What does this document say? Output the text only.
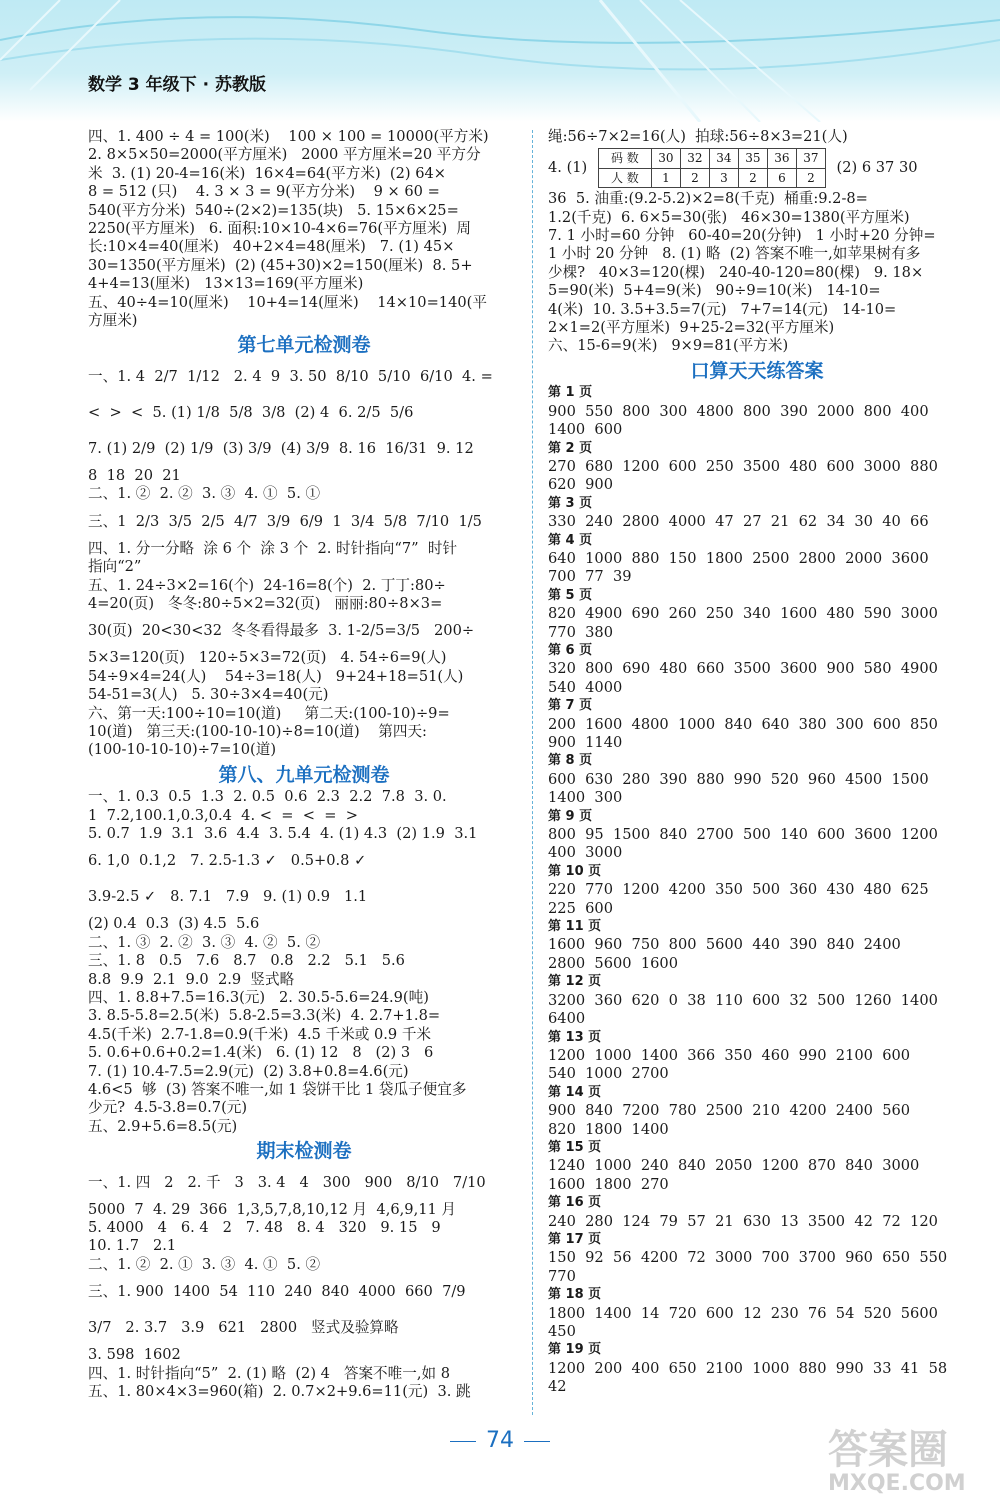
数学 3 年级下 · 苏教版
四、1. 400 ÷ 4 = 100(米)    100 × 100 = 10000(平方米)
2. 8×5×50=2000(平方厘米)   2000 平方厘米=20 平方分
米  3. (1) 20-4=16(米)  16×4=64(平方米)  (2) 64×
8 = 512 (只)    4. 3 × 3 = 9(平方分米)    9 × 60 =
540(平方分米)  540÷(2×2)=135(块)   5. 15×6×25=
2250(平方厘米)   6. 面积:10×10-4×6=76(平方厘米)  周
长:10×4=40(厘米)   40+2×4=48(厘米)   7. (1) 45×
30=1350(平方厘米)  (2) (45+30)×2=150(厘米)  8. 5+
4+4=13(厘米)   13×13=169(平方厘米)
五、40÷4=10(厘米)    10+4=14(厘米)    14×10=140(平
方厘米)
第七单元检测卷
一、1. 4  2/7  1/12   2. 4  9  3. 50  8/10  5/10  6/10  4. =
<  >  <  5. (1) 1/8  5/8  3/8  (2) 4  6. 2/5  5/6
7. (1) 2/9  (2) 1/9  (3) 3/9  (4) 3/9  8. 16  16/31  9. 12
8  18  20  21
二、1. ②  2. ②  3. ③  4. ①  5. ①
三、1  2/3  3/5  2/5  4/7  3/9  6/9  1  3/4  5/8  7/10  1/5
四、1. 分一分略  涂 6 个  涂 3 个  2. 时针指向“7”  时针
指向“2”
五、1. 24÷3×2=16(个)  24-16=8(个)  2. 丁丁:80÷
4=20(页)   冬冬:80÷5×2=32(页)   丽丽:80÷8×3=
30(页)  20<30<32  冬冬看得最多  3. 1-2/5=3/5   200÷
5×3=120(页)   120÷5×3=72(页)   4. 54÷6=9(人)
54÷9×4=24(人)    54÷3=18(人)   9+24+18=51(人)
54-51=3(人)   5. 30÷3×4=40(元)
六、第一天:100÷10=10(道)     第二天:(100-10)÷9=
10(道)   第三天:(100-10-10)÷8=10(道)    第四天:
(100-10-10-10)÷7=10(道)
第八、九单元检测卷
一、1. 0.3  0.5  1.3  2. 0.5  0.6  2.3  2.2  7.8  3. 0.
1  7.2,100.1,0.3,0.4  4. <  =  <  =  >
5. 0.7  1.9  3.1  3.6  4.4  3. 5.4  4. (1) 4.3  (2) 1.9  3.1
6. 1,0  0.1,2   7. 2.5-1.3 ✓   0.5+0.8 ✓
3.9-2.5 ✓   8. 7.1   7.9   9. (1) 0.9   1.1
(2) 0.4  0.3  (3) 4.5  5.6
二、1. ③  2. ②  3. ③  4. ②  5. ②
三、1. 8   0.5   7.6   8.7   0.8   2.2   5.1   5.6
8.8  9.9  2.1  9.0  2.9  竖式略
四、1. 8.8+7.5=16.3(元)   2. 30.5-5.6=24.9(吨)
3. 8.5-5.8=2.5(米)  5.8-2.5=3.3(米)  4. 2.7+1.8=
4.5(千米)  2.7-1.8=0.9(千米)  4.5 千米或 0.9 千米
5. 0.6+0.6+0.2=1.4(米)   6. (1) 12   8   (2) 3   6
7. (1) 10.4-7.5=2.9(元)  (2) 3.8+0.8=4.6(元)
4.6<5  够  (3) 答案不唯一,如 1 袋饼干比 1 袋瓜子便宜多
少元?  4.5-3.8=0.7(元)
五、2.9+5.6=8.5(元)
期末检测卷
一、1. 四   2   2. 千   3   3. 4   4   300   900   8/10   7/10
5000  7  4. 29  366  1,3,5,7,8,10,12 月  4,6,9,11 月
5. 4000   4   6. 4   2   7. 48   8. 4   320   9. 15   9
10. 1.7   2.1
二、1. ②  2. ①  3. ③  4. ①  5. ②
三、1. 900  1400  54  110  240  840  4000  660  7/9
3/7   2. 3.7   3.9   621   2800   竖式及验算略
3. 598  1602
四、1. 时针指向“5”  2. (1) 略  (2) 4   答案不唯一,如 8
五、1. 80×4×3=960(箱)  2. 0.7×2+9.6=11(元)  3. 跳
绳:56÷7×2=16(人)  拍球:56÷8×3=21(人)
4. (1) 码 数	30	32	34	35	36	37
人 数	1	2	3	2	6	2 (2) 6 37 30
36  5. 油重:(9.2-5.2)×2=8(千克)  桶重:9.2-8=
1.2(千克)  6. 6×5=30(张)   46×30=1380(平方厘米)
7. 1 小时=60 分钟   60-40=20(分钟)   1 小时+20 分钟=
1 小时 20 分钟   8. (1) 略  (2) 答案不唯一,如苹果树有多
少棵?   40×3=120(棵)   240-40-120=80(棵)   9. 18×
5=90(米)  5+4=9(米)   90÷9=10(米)   14-10=
4(米)  10. 3.5+3.5=7(元)   7+7=14(元)   14-10=
2×1=2(平方厘米)  9+25-2=32(平方厘米)
六、15-6=9(米)   9×9=81(平方米)
口算天天练答案
第 1 页
900  550  800  300  4800  800  390  2000  800  400
1400  600
第 2 页
270  680  1200  600  250  3500  480  600  3000  880
620  900
第 3 页
330  240  2800  4000  47  27  21  62  34  30  40  66
第 4 页
640  1000  880  150  1800  2500  2800  2000  3600
700  77  39
第 5 页
820  4900  690  260  250  340  1600  480  590  3000
770  380
第 6 页
320  800  690  480  660  3500  3600  900  580  4900
540  4000
第 7 页
200  1600  4800  1000  840  640  380  300  600  850
900  1140
第 8 页
600  630  280  390  880  990  520  960  4500  1500
1400  300
第 9 页
800  95  1500  840  2700  500  140  600  3600  1200
400  3000
第 10 页
220  770  1200  4200  350  500  360  430  480  625
225  600
第 11 页
1600  960  750  800  5600  440  390  840  2400
2800  5600  1600
第 12 页
3200  360  620  0  38  110  600  32  500  1260  1400
6400
第 13 页
1200  1000  1400  366  350  460  990  2100  600
540  1000  2700
第 14 页
900  840  7200  780  2500  210  4200  2400  560
820  1800  1400
第 15 页
1240  1000  240  840  2050  1200  870  840  3000
1600  1800  270
第 16 页
240  280  124  79  57  21  630  13  3500  42  72  120
第 17 页
150  92  56  4200  72  3000  700  3700  960  650  550
770
第 18 页
1800  1400  14  720  600  12  230  76  54  520  5600
450
第 19 页
1200  200  400  650  2100  1000  880  990  33  41  58
42
74	答案圈
MXQE.COM
